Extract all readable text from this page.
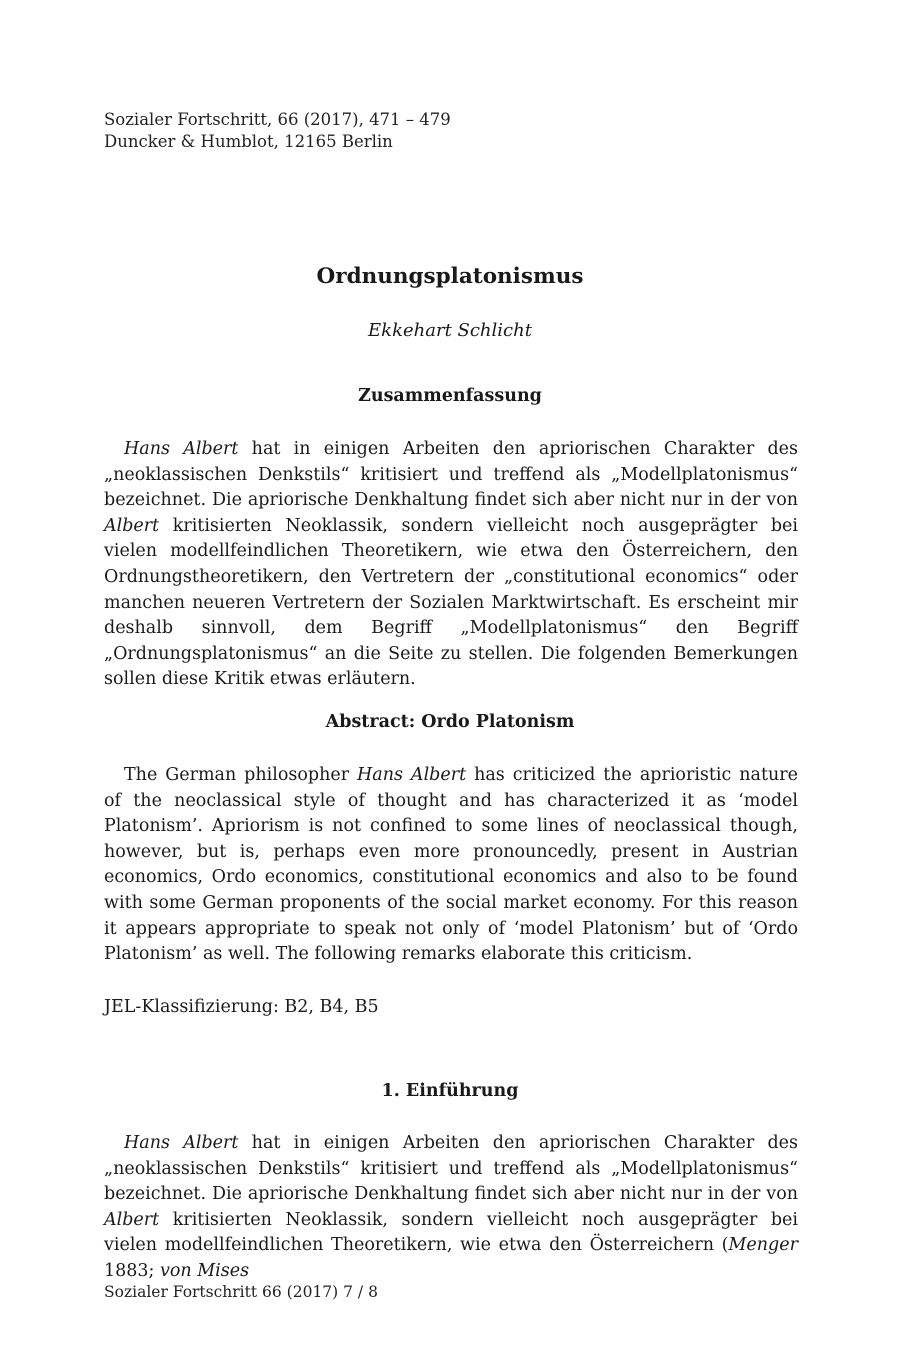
Sozialer Fortschritt, 66 (2017), 471 – 479
Duncker & Humblot, 12165 Berlin
Ordnungsplatonismus
Ekkehart Schlicht
Zusammenfassung
Hans Albert hat in einigen Arbeiten den apriorischen Charakter des „neoklassischen Denkstils“ kritisiert und treffend als „Modellplatonismus“ bezeichnet. Die apriorische Denkhaltung findet sich aber nicht nur in der von Albert kritisierten Neoklassik, sondern vielleicht noch ausgeprägter bei vielen modellfeindlichen Theoretikern, wie etwa den Österreichern, den Ordnungstheoretikern, den Vertretern der „constitutional economics“ oder manchen neueren Vertretern der Sozialen Marktwirtschaft. Es erscheint mir deshalb sinnvoll, dem Begriff „Modellplatonismus“ den Begriff „Ordnungsplatonismus“ an die Seite zu stellen. Die folgenden Bemerkungen sollen diese Kritik etwas erläutern.
Abstract: Ordo Platonism
The German philosopher Hans Albert has criticized the aprioristic nature of the neoclassical style of thought and has characterized it as ‘model Platonism’. Apriorism is not confined to some lines of neoclassical though, however, but is, perhaps even more pronouncedly, present in Austrian economics, Ordo economics, constitutional economics and also to be found with some German proponents of the social market economy. For this reason it appears appropriate to speak not only of ‘model Platonism’ but of ‘Ordo Platonism’ as well. The following remarks elaborate this criticism.
JEL-Klassifizierung: B2, B4, B5
1. Einführung
Hans Albert hat in einigen Arbeiten den apriorischen Charakter des „neoklassischen Denkstils“ kritisiert und treffend als „Modellplatonismus“ bezeichnet. Die apriorische Denkhaltung findet sich aber nicht nur in der von Albert kritisierten Neoklassik, sondern vielleicht noch ausgeprägter bei vielen modellfeindlichen Theoretikern, wie etwa den Österreichern (Menger 1883; von Mises
Sozialer Fortschritt 66 (2017) 7 / 8
